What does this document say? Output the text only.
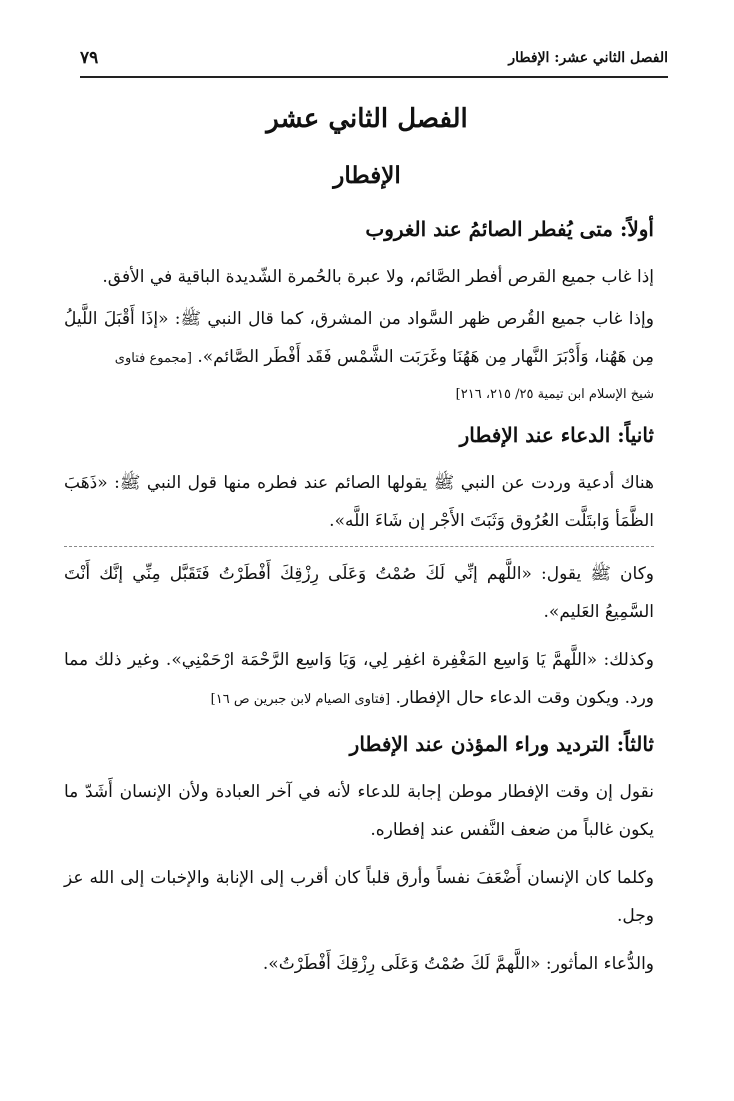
الفصل الثاني عشر: الإفطار
٧٩
الفصل الثاني عشر
الإفطار
أولاً: متى يُفطر الصائمُ عند الغروب

إذا غاب جميع القرص أفطر الصَّائم، ولا عبرة بالحُمرة الشّديدة الباقية في الأفق.

وإذا غاب جميع القُرص ظهر السَّواد من المشرق، كما قال النبي ﷺ: «إذَا أَقْبَلَ اللَّيلُ مِن هَهُنا، وَأَدْبَرَ النَّهار مِن هَهُنَا وغَرَبَت الشَّمْس فَقَد أَفْطَر الصَّائم». [مجموع فتاوى

شيخ الإسلام ابن تيمية ٢٥/ ٢١٥، ٢١٦]

ثانياً: الدعاء عند الإفطار

هناك أدعية وردت عن النبي ﷺ يقولها الصائم عند فطره منها قول النبي ﷺ: «ذَهَبَ الظَّمَأ وَابتَلَّت العُرُوق وَثَبَتَ الأَجْر إن شَاءَ اللَّه».

وكان ﷺ يقول: «اللَّهم إنِّي لَكَ صُمْتُ وَعَلَى رِزْقِكَ أَفْطَرْتُ فَتَقَبَّل مِنِّي إنَّك أَنْتَ السَّمِيعُ العَليم».

وكذلك: «اللَّهمَّ يَا وَاسِع المَغْفِرة اغفِر لِي، وَيَا وَاسِع الرَّحْمَة ارْحَمْنِي». وغير ذلك مما ورد. ويكون وقت الدعاء حال الإفطار. [فتاوى الصيام لابن جبرين ص ١٦]

ثالثاً: الترديد وراء المؤذن عند الإفطار

نقول إن وقت الإفطار موطن إجابة للدعاء لأنه في آخر العبادة ولأن الإنسان أَشَدّ ما يكون غالباً من ضعف النَّفس عند إفطاره.

وكلما كان الإنسان أَضْعَفَ نفساً وأرق قلباً كان أقرب إلى الإنابة والإخبات إلى الله عز وجل.

والدُّعاء المأثور: «اللَّهمَّ لَكَ صُمْتُ وَعَلَى رِزْقِكَ أَفْطَرْتُ».
